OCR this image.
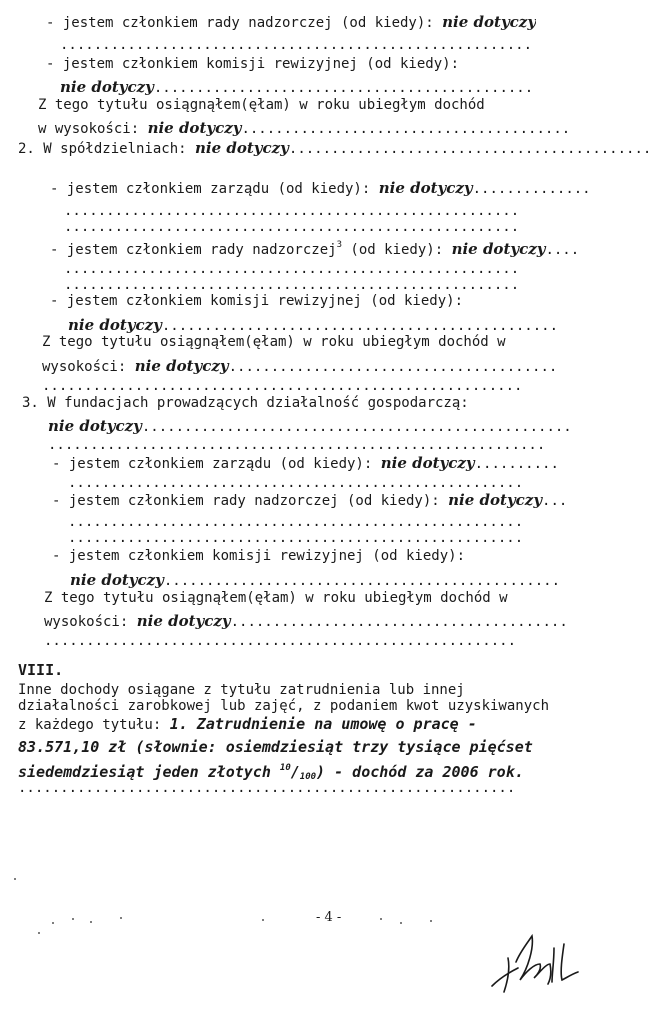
- jestem członkiem rady nadzorczej (od kiedy): nie dotyczy
........................................................
- jestem członkiem komisji rewizyjnej (od kiedy):
nie dotyczy.............................................
Z tego tytułu osiągnąłem(ęłam) w roku ubiegłym dochód
w wysokości: nie dotyczy.......................................
2. W spółdzielniach: nie dotyczy...........................................
- jestem członkiem zarządu (od kiedy): nie dotyczy..............
......................................................
......................................................
- jestem członkiem rady nadzorczej$^3$ (od kiedy): nie dotyczy....
......................................................
......................................................
- jestem członkiem komisji rewizyjnej (od kiedy):
nie dotyczy...............................................
Z tego tytułu osiągnąłem(ęłam) w roku ubiegłym dochód w
wysokości: nie dotyczy.......................................
.........................................................
3. W fundacjach prowadzących działalność gospodarczą:
nie dotyczy...................................................
...........................................................
- jestem członkiem zarządu (od kiedy): nie dotyczy..........
......................................................
- jestem członkiem rady nadzorczej (od kiedy): nie dotyczy...
......................................................
......................................................
- jestem członkiem komisji rewizyjnej (od kiedy):
nie dotyczy...............................................
Z tego tytułu osiągnąłem(ęłam) w roku ubiegłym dochód w
wysokości: nie dotyczy........................................
........................................................
VIII.
Inne dochody osiągane z tytułu zatrudnienia lub innej
działalności zarobkowej lub zajęć, z podaniem kwot uzyskiwanych
z każdego tytułu: 1. Zatrudnienie na umowę o pracę -
83.571,10 zł (słownie: osiemdziesiąt trzy tysiące pięćset
siedemdziesiąt jeden złotych $^{10}$/100) - dochód za 2006 rok.
...........................................................
- 4 -
